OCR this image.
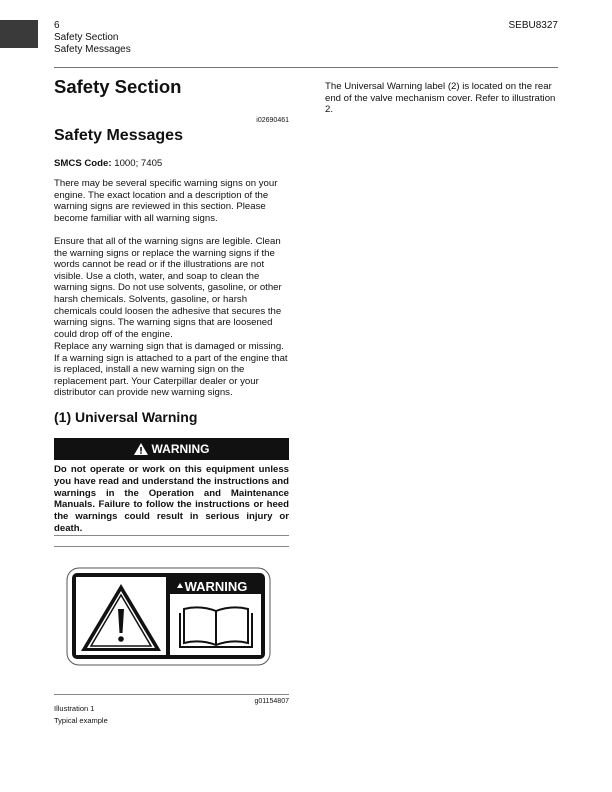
6
Safety Section
Safety Messages
SEBU8327
Safety Section
i02690461
Safety Messages
SMCS Code: 1000; 7405

There may be several specific warning signs on your engine. The exact location and a description of the warning signs are reviewed in this section. Please become familiar with all warning signs.

Ensure that all of the warning signs are legible. Clean the warning signs or replace the warning signs if the words cannot be read or if the illustrations are not visible. Use a cloth, water, and soap to clean the warning signs. Do not use solvents, gasoline, or other harsh chemicals. Solvents, gasoline, or harsh chemicals could loosen the adhesive that secures the warning signs. The warning signs that are loosened could drop off of the engine.

Replace any warning sign that is damaged or missing. If a warning sign is attached to a part of the engine that is replaced, install a new warning sign on the replacement part. Your Caterpillar dealer or your distributor can provide new warning signs.

(1) Universal Warning
WARNING
Do not operate or work on this equipment unless you have read and understand the instructions and warnings in the Operation and Maintenance Manuals. Failure to follow the instructions or heed the warnings could result in serious injury or death.
WARNING
g01154807
Illustration 1
Typical example

The Universal Warning label (2) is located on the rear end of the valve mechanism cover. Refer to illustration 2.
